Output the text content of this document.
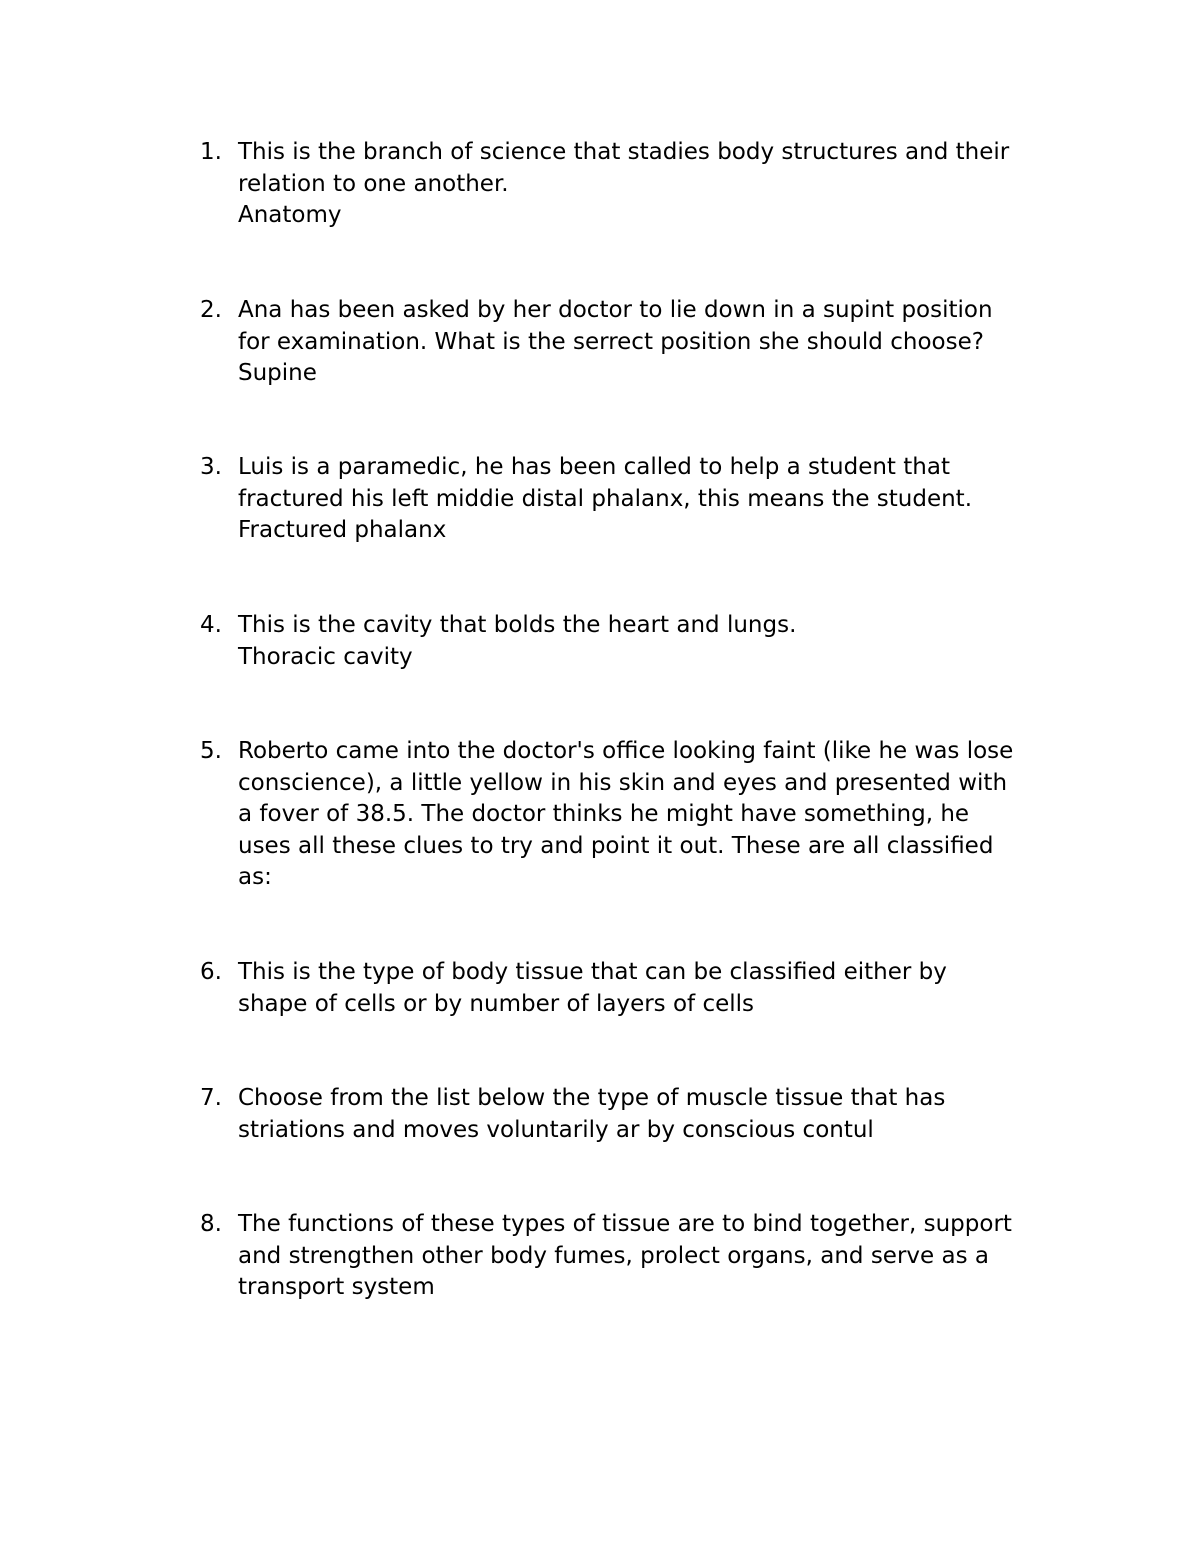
1. This is the branch of science that stadies body structures and their
relation to one another.
Anatomy
2. Ana has been asked by her doctor to lie down in a supint position
for examination. What is the serrect position she should choose?
Supine
3. Luis is a paramedic, he has been called to help a student that
fractured his left middie distal phalanx, this means the student.
Fractured phalanx
4. This is the cavity that bolds the heart and lungs.
Thoracic cavity
5. Roberto came into the doctor's office looking faint (like he was lose
conscience), a little yellow in his skin and eyes and presented with
a fover of 38.5. The doctor thinks he might have something, he
uses all these clues to try and point it out. These are all classified
as:
6. This is the type of body tissue that can be classified either by
shape of cells or by number of layers of cells
7. Choose from the list below the type of muscle tissue that has
striations and moves voluntarily ar by conscious contul
8. The functions of these types of tissue are to bind together, support
and strengthen other body fumes, prolect organs, and serve as a
transport system
